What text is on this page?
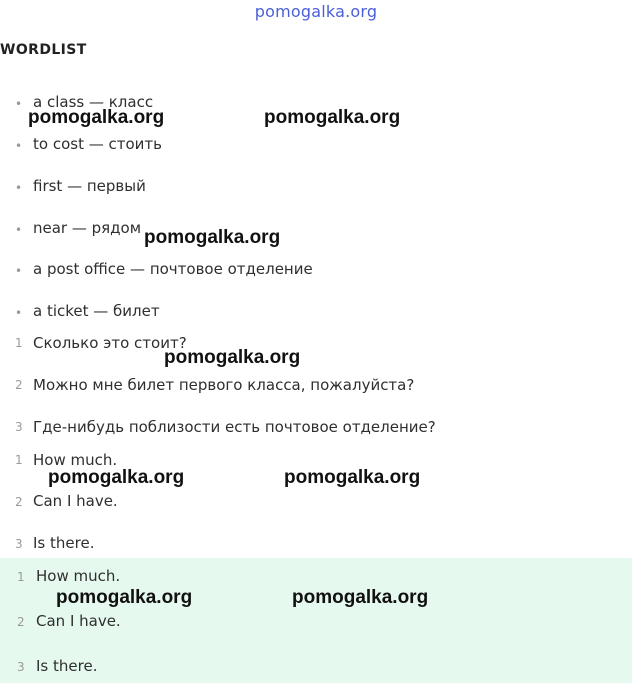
pomogalka.org
WORDLIST
• a class — класс
• to cost — стоить
• first — первый
• near — рядом
• a post office — почтовое отделение
• a ticket — билет
1 Сколько это стоит?
2 Можно мне билет первого класса, пожалуйста?
3 Где-нибудь поблизости есть почтовое отделение?
1 How much.
2 Can I have.
3 Is there.
1 How much.
2 Can I have.
3 Is there.
pomogalka.org	pomogalka.org
pomogalka.org
pomogalka.org
pomogalka.org	pomogalka.org
pomogalka.org	pomogalka.org
